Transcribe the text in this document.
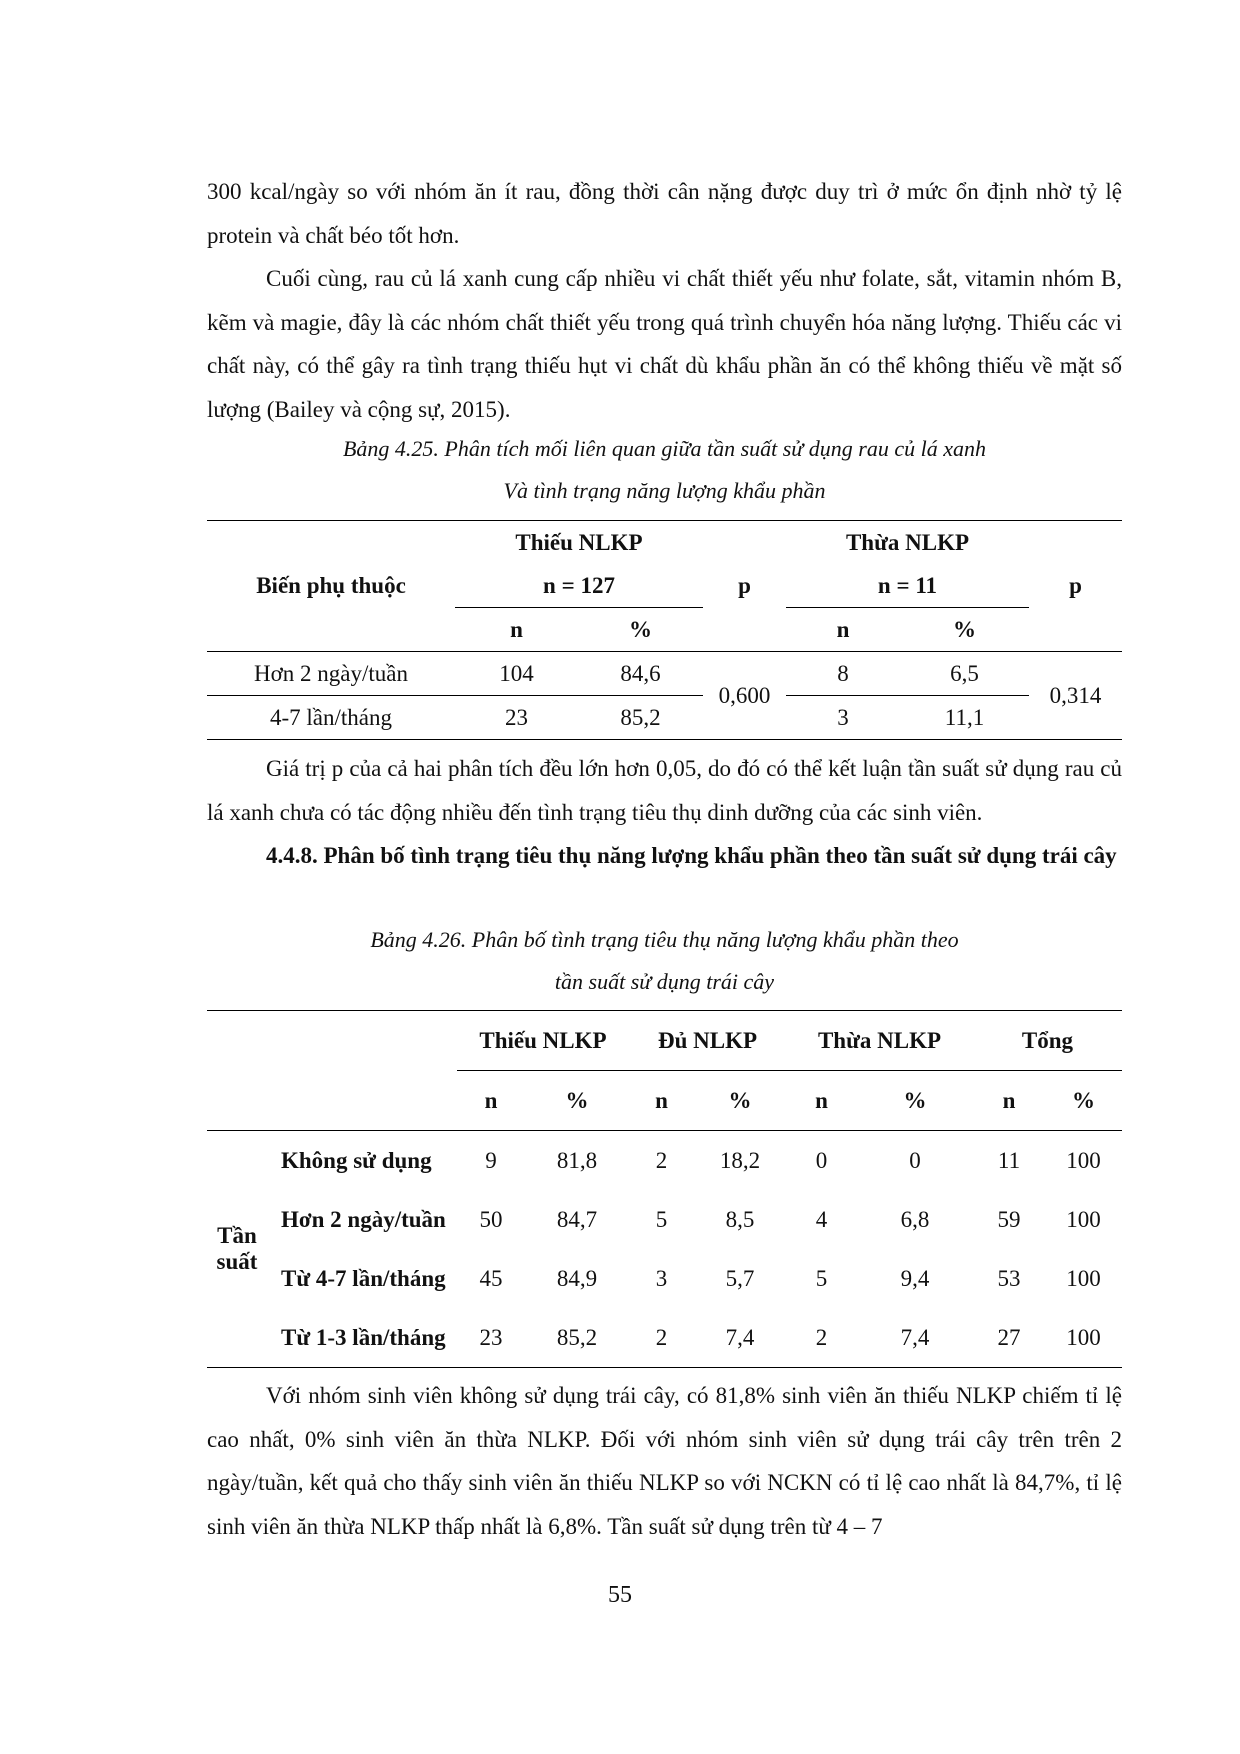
300 kcal/ngày so với nhóm ăn ít rau, đồng thời cân nặng được duy trì ở mức ổn định nhờ tỷ lệ protein và chất béo tốt hơn.

Cuối cùng, rau củ lá xanh cung cấp nhiều vi chất thiết yếu như folate, sắt, vitamin nhóm B, kẽm và magie, đây là các nhóm chất thiết yếu trong quá trình chuyển hóa năng lượng. Thiếu các vi chất này, có thể gây ra tình trạng thiếu hụt vi chất dù khẩu phần ăn có thể không thiếu về mặt số lượng (Bailey và cộng sự, 2015).

Bảng 4.25. Phân tích mối liên quan giữa tần suất sử dụng rau củ lá xanh

Và tình trạng năng lượng khẩu phần

Biến phụ thuộc	Thiếu NLKP		p	Thừa NLKP		p
	n = 127			n = 11		
	n	%		n	%	
Hơn 2 ngày/tuần	104	84,6	0,600	8	6,5	0,314
4-7 lần/tháng	23	85,2		3	11,1	

Giá trị p của cả hai phân tích đều lớn hơn 0,05, do đó có thể kết luận tần suất sử dụng rau củ lá xanh chưa có tác động nhiều đến tình trạng tiêu thụ dinh dưỡng của các sinh viên.

4.4.8. Phân bố tình trạng tiêu thụ năng lượng khẩu phần theo tần suất sử dụng trái cây

Bảng 4.26. Phân bố tình trạng tiêu thụ năng lượng khẩu phần theo

tần suất sử dụng trái cây

		Thiếu NLKP		Đủ NLKP		Thừa NLKP		Tổng	
		n	%	n	%	n	%	n	%
Tần
suất	Không sử dụng	9	81,8	2	18,2	0	0	11	100
	Hơn 2 ngày/tuần	50	84,7	5	8,5	4	6,8	59	100
	Từ 4-7 lần/tháng	45	84,9	3	5,7	5	9,4	53	100
	Từ 1-3 lần/tháng	23	85,2	2	7,4	2	7,4	27	100

Với nhóm sinh viên không sử dụng trái cây, có 81,8% sinh viên ăn thiếu NLKP chiếm tỉ lệ cao nhất, 0% sinh viên ăn thừa NLKP. Đối với nhóm sinh viên sử dụng trái cây trên trên 2 ngày/tuần, kết quả cho thấy sinh viên ăn thiếu NLKP so với NCKN có tỉ lệ cao nhất là 84,7%, tỉ lệ sinh viên ăn thừa NLKP thấp nhất là 6,8%. Tần suất sử dụng trên từ 4 – 7

55
